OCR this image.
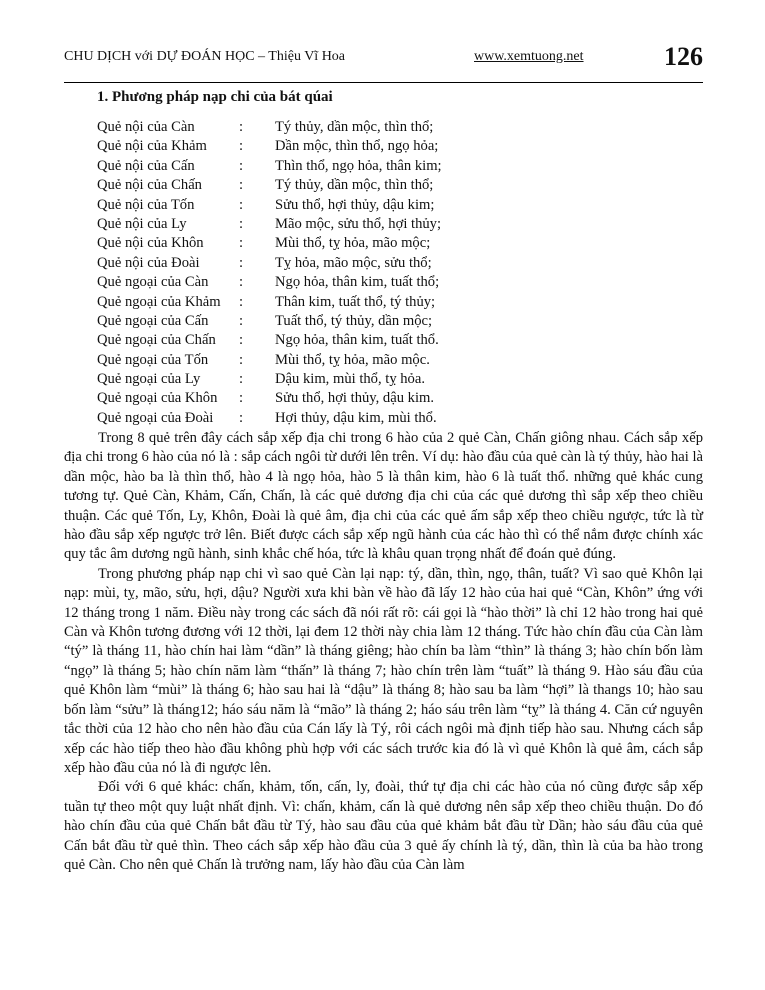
CHU DỊCH với DỰ ĐOÁN HỌC – Thiệu Vĩ Hoa	www.xemtuong.net	126
1. Phương pháp nạp chi của bát qúai
Quẻ nội của Càn	: Tý thủy, dần mộc, thìn thổ;
Quẻ nội của Khảm : Dần mộc, thìn thổ, ngọ hỏa;
Quẻ nội của Cấn	: Thìn thổ, ngọ hỏa, thân kim;
Quẻ nội của Chấn	: Tý thủy, dần mộc, thìn thổ;
Quẻ nội của Tốn	: Sửu thổ, hợi thủy, dậu kim;
Quẻ nội của Ly	: Mão mộc, sửu thổ, hợi thủy;
Quẻ nội của Khôn : Mùi thổ, tỵ hỏa, mão mộc;
Quẻ nội của Đoài	: Tỵ hỏa, mão mộc, sửu thổ;
Quẻ ngoại của Càn : Ngọ hỏa, thân kim, tuất thổ;
Quẻ ngoại của Khảm : Thân kim, tuất thổ, tý thủy;
Quẻ ngoại của Cấn : Tuất thổ, tý thủy, dần mộc;
Quẻ ngoại của Chấn : Ngọ hỏa, thân kim, tuất thổ.
Quẻ ngoại của Tốn : Mùi thổ, tỵ hỏa, mão mộc.
Quẻ ngoại của Ly	: Dậu kim, mùi thổ, tỵ hỏa.
Quẻ ngoại của Khôn : Sửu thổ, hợi thủy, dậu kim.
Quẻ ngoại của Đoài : Hợi thủy, dậu kim, mùi thổ.

Trong 8 quẻ trên đây cách sắp xếp địa chi trong 6 hào của 2 quẻ Càn, Chấn giông nhau. Cách sắp xếp địa chi trong 6 hào của nó là : sắp cách ngôi từ dưới lên trên. Ví dụ: hào đầu của quẻ càn là tý thủy, hào hai là dần mộc, hào ba là thìn thổ, hào 4 là ngọ hỏa, hào 5 là thân kim, hào 6 là tuất thổ. những quẻ khác cung tương tự. Quẻ Càn, Khảm, Cấn, Chấn, là các quẻ dương địa chi của các quẻ dương thì sắp xếp theo chiều thuận. Các quẻ Tốn, Ly, Khôn, Đoài là quẻ âm, địa chi của các quẻ ấm sắp xếp theo chiều ngược, tức là từ hào đầu sắp xếp ngược trở lên. Biết được cách sắp xếp ngũ hành của các hào thì có thể nắm được chính xác quy tắc âm dương ngũ hành, sinh khắc chế hóa, tức là khâu quan trọng nhất để đoán quẻ đúng.

Trong phương pháp nạp chi vì sao quẻ Càn lại nạp: tý, dần, thìn, ngọ, thân, tuất? Vì sao quẻ Khôn lại nạp: mùi, tỵ, mão, sửu, hợi, dậu? Người xưa khi bàn về hào đã lấy 12 hào của hai quẻ “Càn, Khôn” ứng với 12 tháng trong 1 năm. Điều này trong các sách đã nói rất rõ: cái gọi là “hào thời” là chỉ 12 hào trong hai quẻ Càn và Khôn tương đương với 12 thời, lại đem 12 thời này chia làm 12 tháng. Tức hào chín đầu của Càn làm “tý” là tháng 11, hào chín hai làm “dần” là tháng giêng; hào chín ba làm “thìn” là tháng 3; hào chín bốn làm “ngọ” là tháng 5; hào chín năm làm “thấn” là tháng 7; hào chín trên làm “tuất” là tháng 9. Hào sáu đầu của quẻ Khôn làm “mùi” là tháng 6; hào sau hai là “dậu” là tháng 8; hào sau ba làm “hợi” là thangs 10; hào sau bốn làm “sửu” là tháng12; háo sáu năm là “mão” là tháng 2; háo sáu trên làm “tỵ” là tháng 4. Căn cứ nguyên tắc thời của 12 hào cho nên hào đầu của Cán lấy là Tý, rôi cách ngôi mà định tiếp hào sau. Nhưng cách sắp xếp các hào tiếp theo hào đầu không phù hợp với các sách trước kia đó là vì quẻ Khôn là quẻ âm, cách sắp xếp hào đầu của nó là đi ngược lên.

Đối với 6 quẻ khác: chấn, khảm, tốn, cấn, ly, đoài, thứ tự địa chi các hào của nó cũng được sắp xếp tuần tự theo một quy luật nhất định. Vì: chấn, khảm, cấn là quẻ dương nên sắp xếp theo chiều thuận. Do đó hào chín đầu của quẻ Chấn bắt đầu từ Tý, hào sau đầu của quẻ khảm bắt đầu từ Dần; hào sáu đầu của quẻ Cấn bắt đầu từ quẻ thìn. Theo cách sắp xếp hào đầu của 3 quẻ ấy chính là tý, dần, thìn là của ba hào trong quẻ Càn. Cho nên quẻ Chấn là trưởng nam, lấy hào đầu của Càn làm
